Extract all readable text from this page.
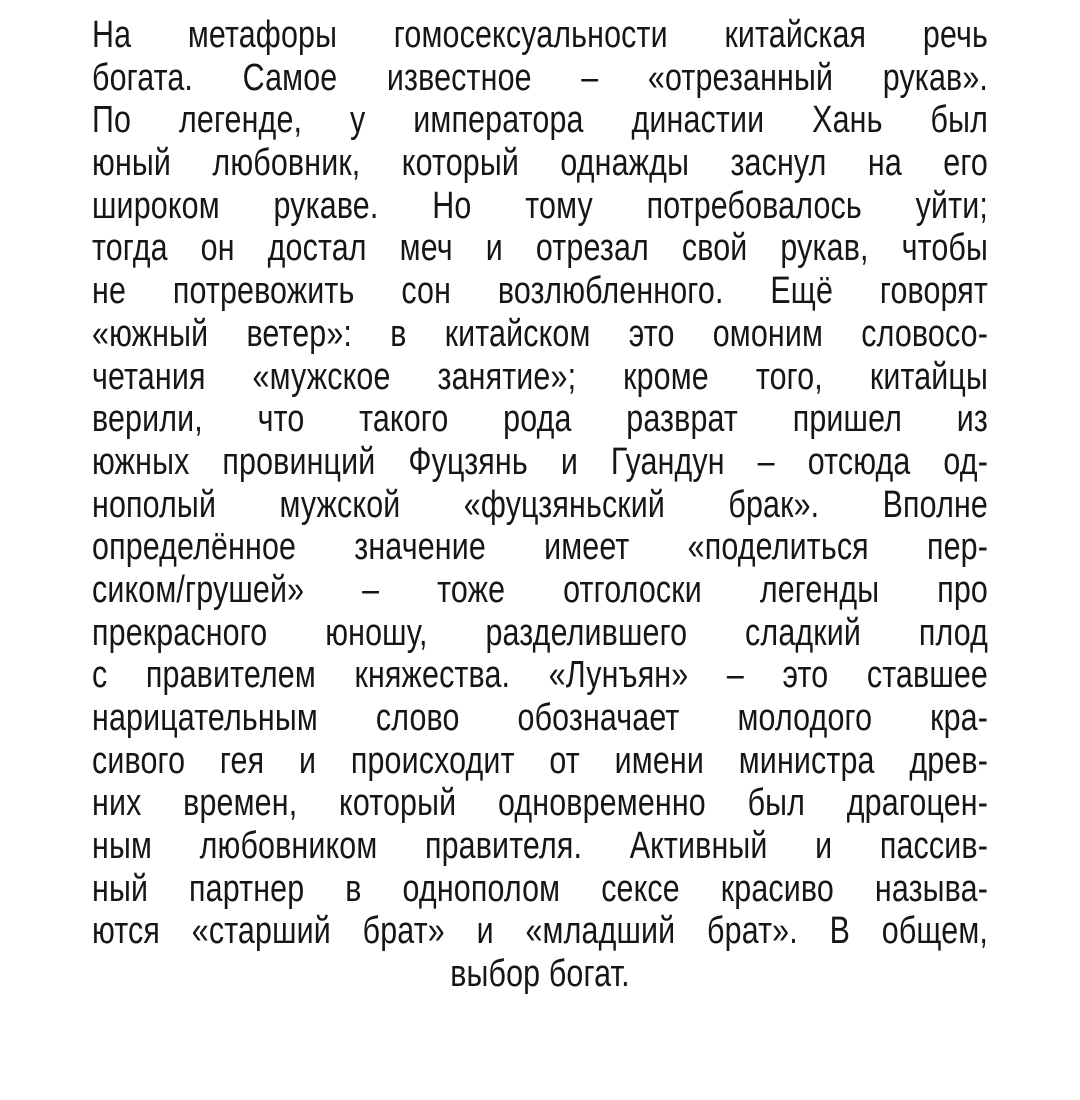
На метафоры гомосексуальности китайская речь
богата. Самое известное – «отрезанный рукав».
По легенде, у императора династии Хань был
юный любовник, который однажды заснул на его
широком рукаве. Но тому потребовалось уйти;
тогда он достал меч и отрезал свой рукав, чтобы
не потревожить сон возлюбленного. Ещё говорят
«южный ветер»: в китайском это омоним словосо-
четания «мужское занятие»; кроме того, китайцы
верили, что такого рода разврат пришел из
южных провинций Фуцзянь и Гуандун – отсюда од-
нополый мужской «фуцзяньский брак». Вполне
определённое значение имеет «поделиться пер-
сиком/грушей» – тоже отголоски легенды про
прекрасного юношу, разделившего сладкий плод
с правителем княжества. «Лунъян» – это ставшее
нарицательным слово обозначает молодого кра-
сивого гея и происходит от имени министра древ-
них времен, который одновременно был драгоцен-
ным любовником правителя. Активный и пассив-
ный партнер в однополом сексе красиво называ-
ются «старший брат» и «младший брат». В общем,
выбор богат.
